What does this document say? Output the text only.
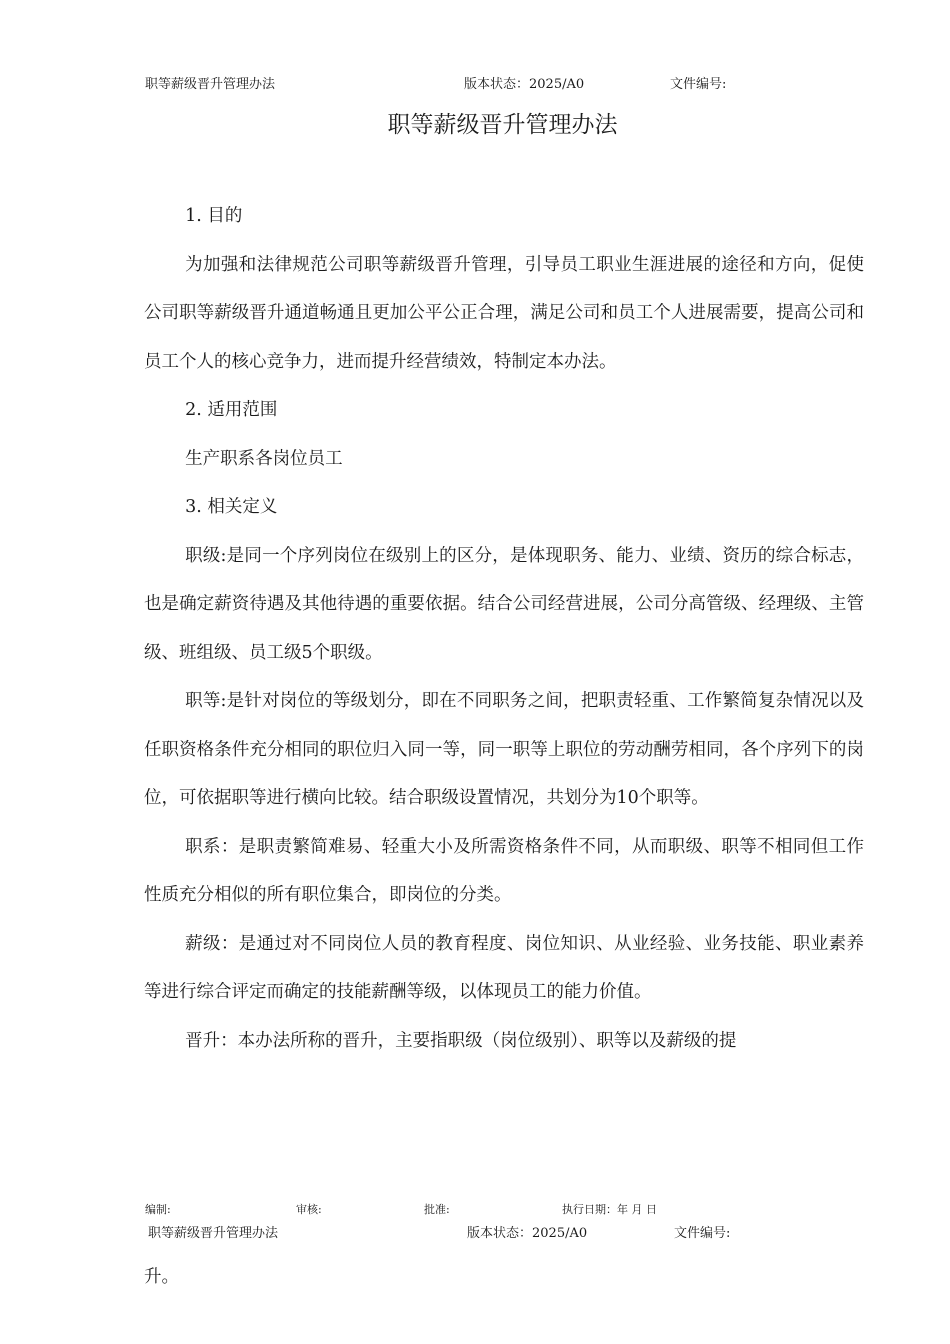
职等薪级晋升管理办法	版本状态：2025/A0	文件编号:
职等薪级晋升管理办法

1. 目的

为加强和法律规范公司职等薪级晋升管理，引导员工职业生涯进展的途径和方向，促使公司职等薪级晋升通道畅通且更加公平公正合理，满足公司和员工个人进展需要，提高公司和员工个人的核心竞争力，进而提升经营绩效，特制定本办法。

2. 适用范围

生产职系各岗位员工

3. 相关定义

职级:是同一个序列岗位在级别上的区分，是体现职务、能力、业绩、资历的综合标志，也是确定薪资待遇及其他待遇的重要依据。结合公司经营进展，公司分高管级、经理级、主管级、班组级、员工级5个职级。

职等:是针对岗位的等级划分，即在不同职务之间，把职责轻重、工作繁简复杂情况以及任职资格条件充分相同的职位归入同一等，同一职等上职位的劳动酬劳相同，各个序列下的岗位，可依据职等进行横向比较。结合职级设置情况，共划分为10个职等。

职系：是职责繁简难易、轻重大小及所需资格条件不同，从而职级、职等不相同但工作性质充分相似的所有职位集合，即岗位的分类。

薪级：是通过对不同岗位人员的教育程度、岗位知识、从业经验、业务技能、职业素养等进行综合评定而确定的技能薪酬等级，以体现员工的能力价值。

晋升：本办法所称的晋升，主要指职级（岗位级别）、职等以及薪级的提

编制:	审核:	批准:	执行日期：年 月 日
职等薪级晋升管理办法	版本状态：2025/A0	文件编号:
升。
